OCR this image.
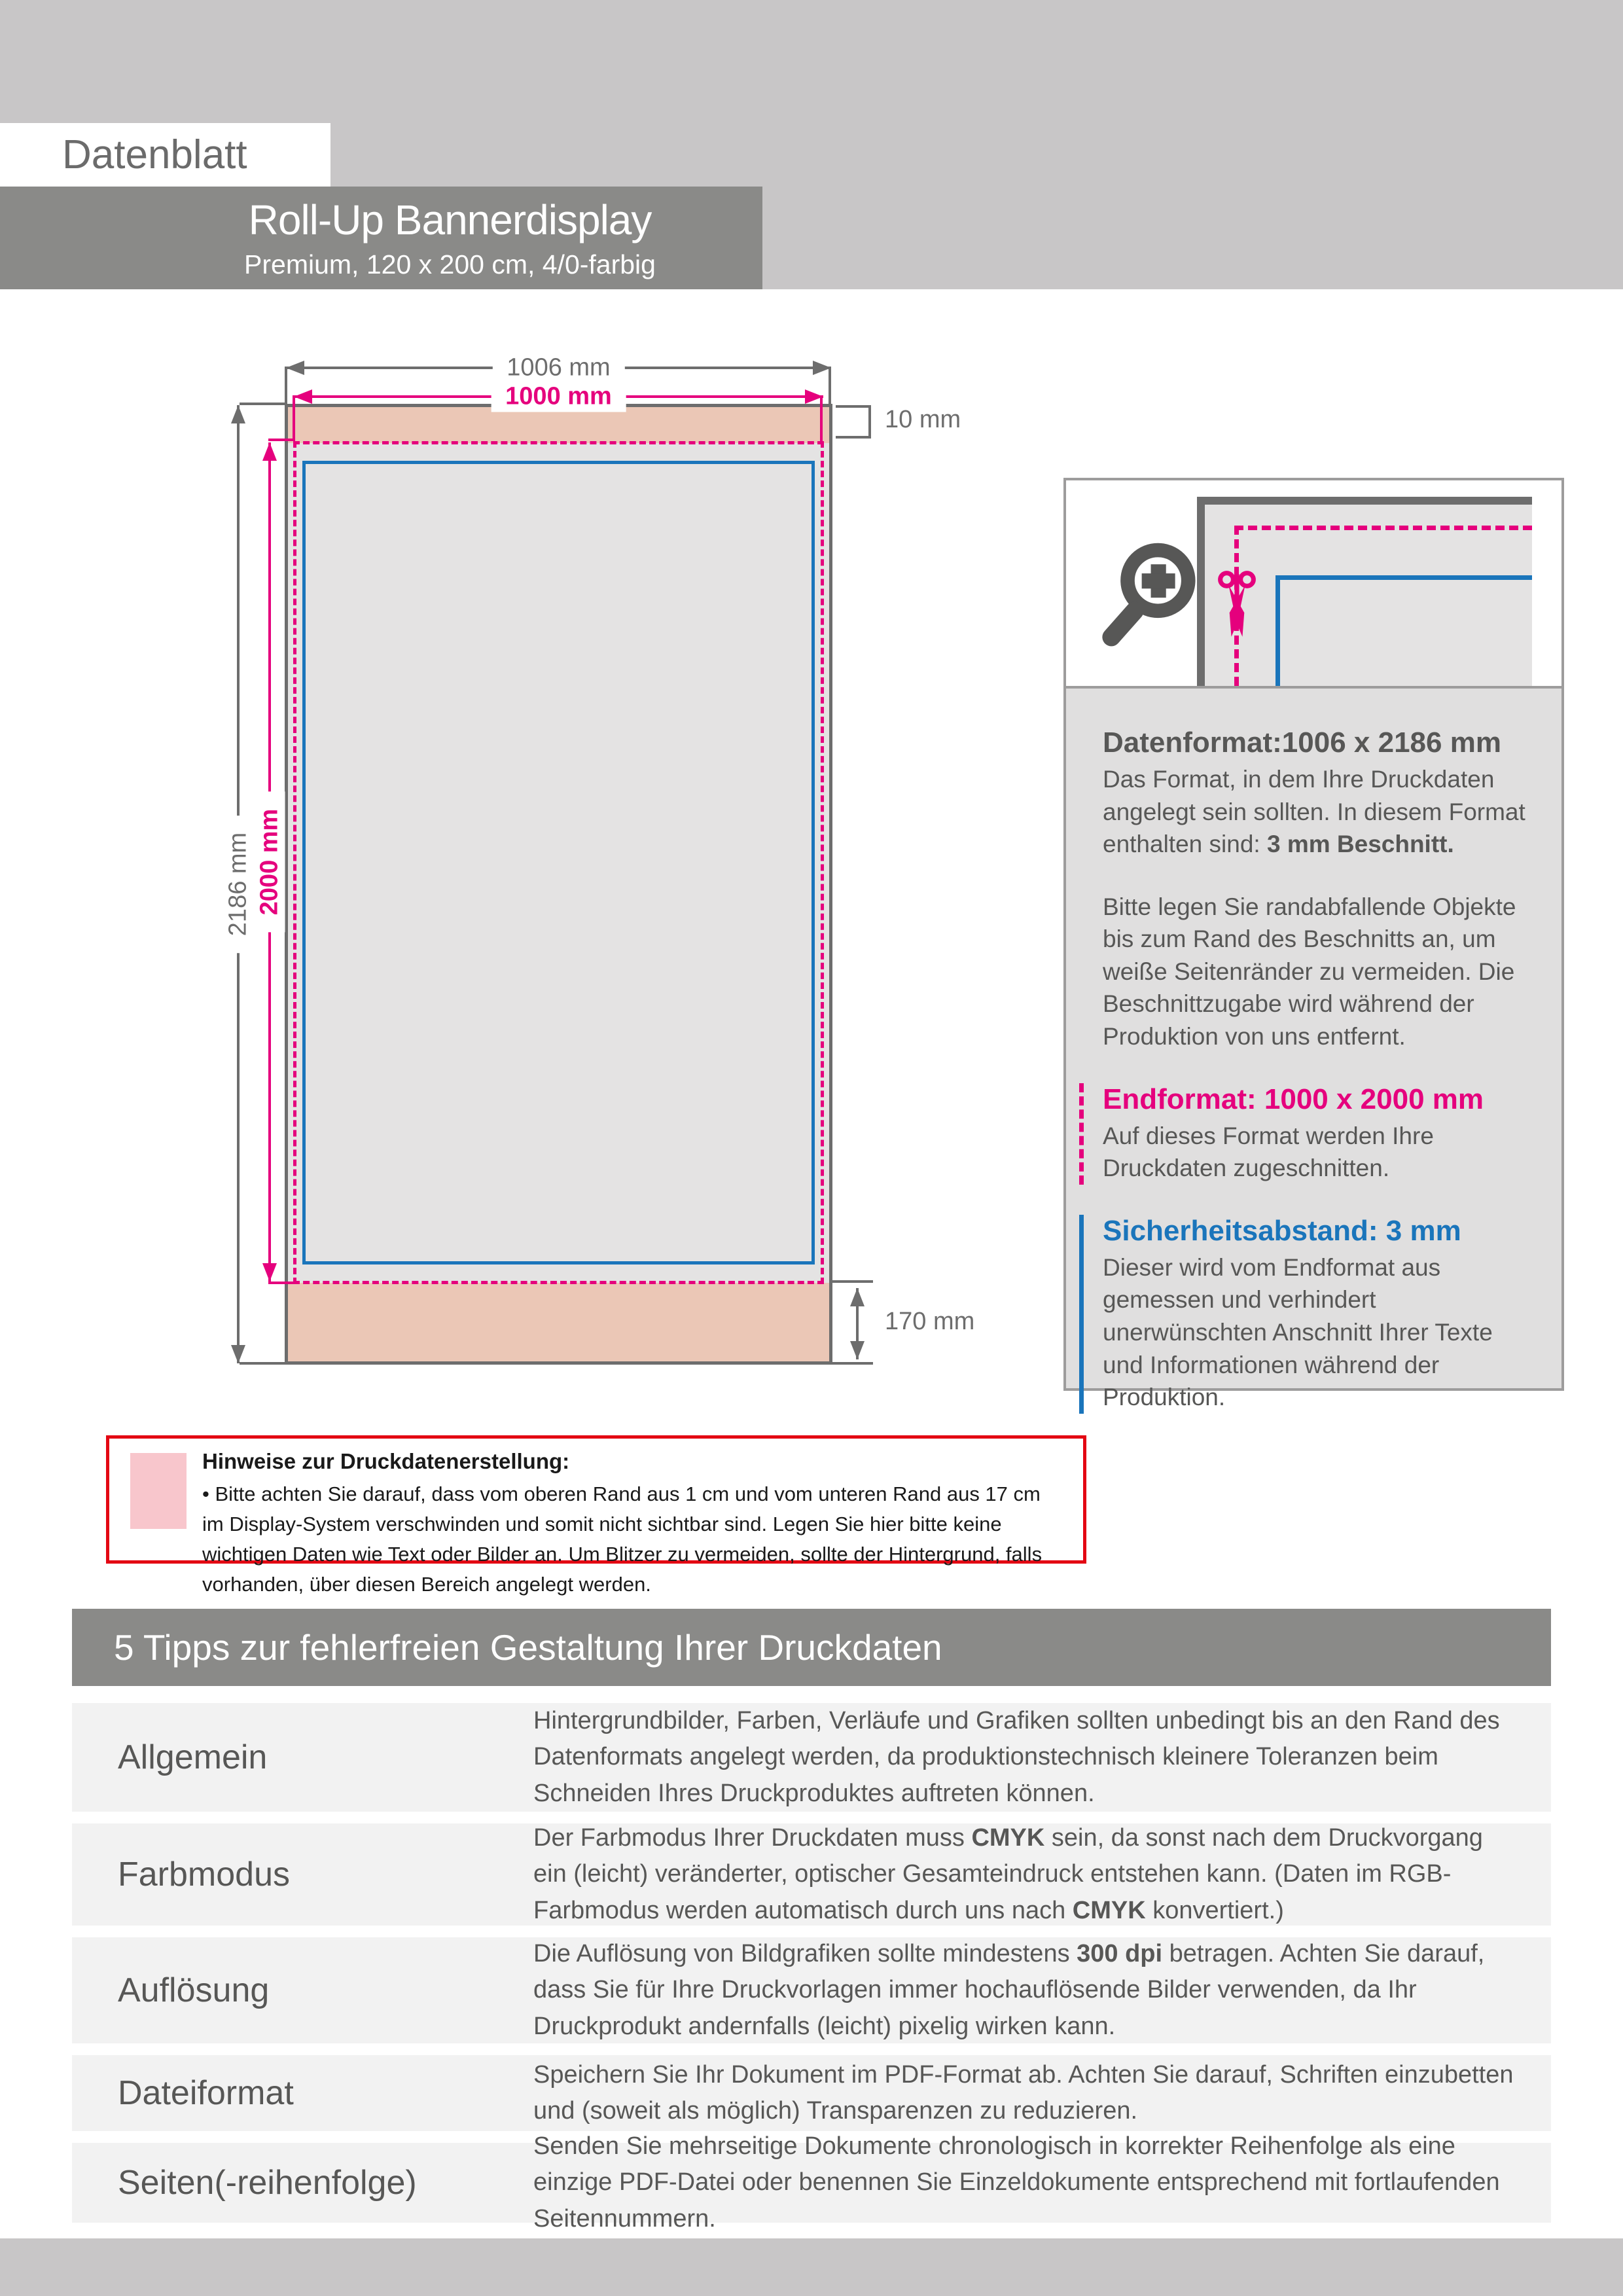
Datenblatt
Roll-Up Bannerdisplay
Premium, 120 x 200 cm, 4/0-farbig
1006 mm
1000 mm
2186 mm 2000 mm
10 mm
170 mm
Datenformat:1006 x 2186 mm

Das Format, in dem Ihre Druckdaten angelegt sein sollten. In diesem Format enthalten sind: 3 mm Beschnitt.

Bitte legen Sie randabfallende Objekte bis zum Rand des Beschnitts an, um weiße Seitenränder zu vermeiden. Die Beschnittzugabe wird während der Produktion von uns entfernt.

Endformat: 1000 x 2000 mm

Auf dieses Format werden Ihre Druckdaten zugeschnitten.

Sicherheitsabstand: 3 mm

Dieser wird vom Endformat aus gemessen und verhindert unerwünschten Anschnitt Ihrer Texte und Informationen während der Produktion.

Hinweise zur Druckdatenerstellung:

• Bitte achten Sie darauf, dass vom oberen Rand aus 1 cm und vom unteren Rand aus 17 cm im Display-System verschwinden und somit nicht sichtbar sind. Legen Sie hier bitte keine wichtigen Daten wie Text oder Bilder an. Um Blitzer zu vermeiden, sollte der Hintergrund, falls vorhanden, über diesen Bereich angelegt werden.

5 Tipps zur fehlerfreien Gestaltung Ihrer Druckdaten
Allgemein
Hintergrundbilder, Farben, Verläufe und Grafiken sollten unbedingt bis an den Rand des Datenformats angelegt werden, da produktionstechnisch kleinere Toleranzen beim Schneiden Ihres Druckproduktes auftreten können.
Farbmodus
Der Farbmodus Ihrer Druckdaten muss CMYK sein, da sonst nach dem Druckvorgang ein (leicht) veränderter, optischer Gesamteindruck entstehen kann. (Daten im RGB-Farbmodus werden automatisch durch uns nach CMYK konvertiert.)
Auflösung
Die Auflösung von Bildgrafiken sollte mindestens 300 dpi betragen. Achten Sie darauf, dass Sie für Ihre Druckvorlagen immer hochauflösende Bilder verwenden, da Ihr Druckprodukt andernfalls (leicht) pixelig wirken kann.
Dateiformat	Speichern Sie Ihr Dokument im PDF-Format ab. Achten Sie darauf, Schriften einzubetten und (soweit als möglich) Transparenzen zu reduzieren.
Seiten(-reihenfolge)
Senden Sie mehrseitige Dokumente chronologisch in korrekter Reihenfolge als eine einzige PDF-Datei oder benennen Sie Einzeldokumente entsprechend mit fortlaufenden Seitennummern.
